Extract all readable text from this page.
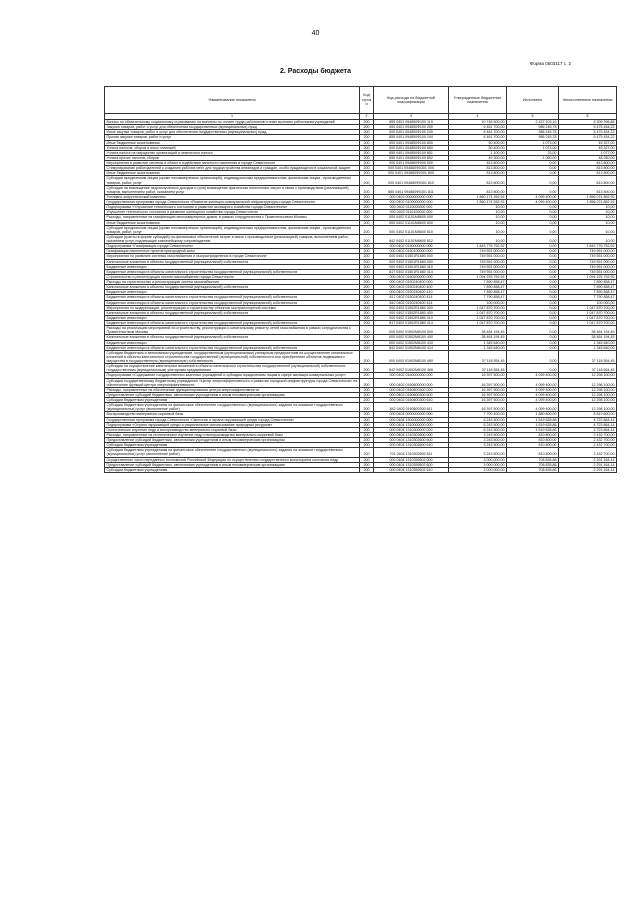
40
Форма 0503117 с. 2
2. Расходы бюджета
Наименование показателя	Код строки	Код расхода по бюджетной классификации	Утвержденные бюджетные назначения	Исполнено	Неисполненные назначения
1	2	3	4	5	6
Взносы по обязательному социальному страхованию на выплаты по оплате труда работников и иные выплаты работникам учреждений	200	855 0401 094850Ф100 119	10 746 500,00	2 437 103,15	8 309 396,85
Закупка товаров, работ и услуг для обеспечения государственных (муниципальных) нужд	200	000 0401 094850Ф100 200	6 461 700,00	986 245,78	5 475 454,22
Иные закупки товаров, работ и услуг для обеспечения государственных (муниципальных) нужд	200	000 0401 094850Ф100 240	6 461 700,00	986 245,78	5 475 454,22
Прочая закупка товаров, работ и услуг	200	855 0401 094850Ф100 244	6 461 700,00	986 245,78	5 475 454,22
Иные бюджетные ассигнования	200	000 0401 094850Ф100 800	50 400,00	1 073,00	49 327,00
Уплата налогов, сборов и иных платежей	200	000 0401 094850Ф100 850	50 400,00	1 073,00	49 327,00
Уплата налога на имущество организаций и земельного налога	200	855 0401 094850Ф100 851	1 100,00	23,00	1 077,00
Уплата прочих налогов, сборов	200	855 0401 094850Ф100 852	49 300,00	1 050,00	48 250,00
Мероприятия в развитие системы в области содействия занятости населения в городе Севастополе	200	000 0401 094860Ф000 000	813 800,00	0,00	813 800,00
Стимулирование работодателей к созданию рабочих мест для трудоустройства инвалидов и граждан, особо нуждающихся в социальной защите	200	000 0401 094860Ф0301 000	813 800,00	0,00	813 800,00
Иные бюджетные ассигнования	200	000 0401 094860Ф0301 800	813 800,00	0,00	813 800,00
Субсидии юридическим лицам (кроме некоммерческих организаций), индивидуальным предпринимателям, физическим лицам - производителям товаров, работ, услуг	200	000 0401 094860Ф0301 810	813 800,00	0,00	813 800,00
Субсидии на возмещение недополученных доходов и (или) возмещение фактически понесенных затрат в связи с производством (реализацией) товаров, выполнением работ, оказанием услуг	200	855 0401 094860Ф0301 811	813 800,00	0,00	813 800,00
Топливно-энергетический комплекс	200	000 0402 0000000000 000	1 860 174 262,92	4 099 400,00	1 856 074 862,92
Государственная программа города Севастополя «Развитие жилищно-коммунальной инфраструктуры города Севастополя»	200	000 0402 0100000000 000	1 860 174 262,92	4 099 400,00	1 856 074 862,92
Подпрограмма «Улучшение технического состояния и развитие жилищного хозяйства города Севастополя»	200	000 0402 0110000000 000	10,00	0,00	10,00
Улучшение технического состояния и развитие жилищного хозяйства города Севастополя	200	000 0402 0110100000 000	10,00	0,00	10,00
Расходы, направленные на газификацию многоквартирных домов, в рамках сотрудничества с Правительством Москвы	200	000 0402 01101М8600 000	10,00	0,00	10,00
Иные бюджетные ассигнования	200	000 0402 01101М8600 800	10,00	0,00	10,00
Субсидии юридическим лицам (кроме некоммерческих организаций), индивидуальным предпринимателям, физическим лицам - производителям товаров, работ, услуг	200	000 0402 01101М8600 810	10,00	0,00	10,00
Субсидии (гранты в форме субсидий) на финансовое обеспечение затрат в связи с производством (реализацией) товаров, выполнением работ, оказанием услуг, подлежащие казначейскому сопровождению	200	842 0402 01101М8600 812	10,00	0,00	10,00
Подпрограмма «Газификация города Севастополя»	200	000 0402 0150000000 000	1 843 776 752,92	0,00	1 843 776 752,92
Газификация населенных пунктов пригородной зоны	200	000 0402 0150100000 000	749 551 000,00	0,00	749 551 000,00
Мероприятия по развитию системы газоснабжения и газораспределения в городе Севастополе	200	000 0402 01501R1680 000	749 551 000,00	0,00	749 551 000,00
Капитальные вложения в объекты государственной (муниципальной) собственности	200	000 0402 01501R1680 400	749 551 000,00	0,00	749 551 000,00
Бюджетные инвестиции	200	000 0402 01501R1680 410	749 551 000,00	0,00	749 551 000,00
Бюджетные инвестиции в объекты капитального строительства государственной (муниципальной) собственности	200	817 0402 01501R1680 414	749 551 000,00	0,00	749 551 000,00
Строительство и реконструкция систем газоснабжения города Севастополя	200	000 0402 0150200000 000	1 094 225 752,92	0,00	1 094 225 752,92
Расходы на строительство и реконструкцию систем газоснабжения	200	000 0402 0150240400 000	7 890 858,47	0,00	7 890 858,47
Капитальные вложения в объекты государственной (муниципальной) собственности	200	000 0402 0150240400 400	7 890 858,47	0,00	7 890 858,47
Бюджетные инвестиции	200	000 0402 0150240400 410	7 890 858,47	0,00	7 890 858,47
Бюджетные инвестиции в объекты капитального строительства государственной (муниципальной) собственности	200	817 0402 0150240400 414	7 790 858,47	0,00	7 790 858,47
Бюджетные инвестиции в объекты капитального строительства государственной (муниципальной) собственности	200	842 0402 0150240400 414	100 000,00	0,00	100 000,00
Мероприятия по модернизации, реконструкции и строительству объектов газотранспортной системы	200	000 0402 01502R1880 000	1 047 870 700,00	0,00	1 047 870 700,00
Капитальные вложения в объекты государственной (муниципальной) собственности	200	000 0402 01502R1880 400	1 047 870 700,00	0,00	1 047 870 700,00
Бюджетные инвестиции	200	000 0402 01502R1880 410	1 047 870 700,00	0,00	1 047 870 700,00
Бюджетные инвестиции в объекты капитального строительства государственной (муниципальной) собственности	200	817 0402 01502R1880 414	1 047 870 700,00	0,00	1 047 870 700,00
Расходы на реализацию мероприятий по строительству, реконструкции и капитальному ремонту сетей газоснабжения в рамках сотрудничества с Правительством Москвы	200	000 0402 01502М8100 000	38 464 194,45	0,00	38 464 194,45
Капитальные вложения в объекты государственной (муниципальной) собственности	200	000 0402 01502М8100 400	38 464 194,45	0,00	38 464 194,45
Бюджетные инвестиции	200	000 0402 01502М8100 410	1 345 640,00	0,00	1 345 640,00
Бюджетные инвестиции в объекты капитального строительства государственной (муниципальной) собственности	200	842 0402 01502М8100 414	1 345 640,00	0,00	1 345 640,00
Субсидии бюджетным и автономным учреждениям, государственным (муниципальным) унитарным предприятиям на осуществление капитальных вложений в объекты капитального строительства государственной (муниципальной) собственности или приобретение объектов недвижимого имущества в государственную (муниципальную) собственность	200	000 0402 01502М8100 460	37 118 554,45	0,00	37 118 554,45
Субсидии на осуществление капитальных вложений в объекты капитального строительства государственной (муниципальной) собственности государственным (муниципальным) унитарным предприятиям	200	842 0402 01502М8100 466	37 118 554,45	0,00	37 118 554,45
Подпрограмма «Содержание государственных казенных учреждений и субсидии юридическим лицам в сфере жилищно-коммунальных услуг»	200	000 0402 0160000000 000	16 397 500,00	4 099 400,00	12 298 100,00
Субсидия государственному бюджетному учреждению «Центр энергоэффективности и развития городской инфраструктуры города Севастополя» на обеспечение функций центра энергоэффективности	200	000 0402 0160600000 000	16 397 500,00	4 099 400,00	12 298 100,00
Расходы, направленные на обеспечение функционирования центра энергоэффективности	200	000 0402 0160600300 000	16 397 500,00	4 099 400,00	12 298 100,00
Предоставление субсидий бюджетным, автономным учреждениям и иным некоммерческим организациям	200	000 0402 0160600300 600	16 397 500,00	4 099 400,00	12 298 100,00
Субсидии бюджетным учреждениям	200	000 0402 0160600300 610	16 397 500,00	4 099 400,00	12 298 100,00
Субсидии бюджетным учреждениям на финансовое обеспечение государственного (муниципального) задания на оказание государственных (муниципальных) услуг (выполнение работ)	200	842 0402 0160600300 611	16 397 500,00	4 099 400,00	12 298 100,00
Воспроизводство минерально-сырьевой базы	200	000 0404 0000000000 000	7 700 400,00	1 880 800,00	5 819 600,00
Государственная программа города Севастополя «Экология и охрана окружающей среды города Севастополя»	200	000 0404 1300000000 000	6 243 500,00	1 519 635,86	4 723 864,14
Подпрограмма «Охрана окружающей среды и рациональное использование природных ресурсов»	200	000 0404 1310000000 000	6 243 500,00	1 519 635,86	4 723 864,14
Геологическое изучение недр и воспроизводство минерально-сырьевой базы	200	000 0404 1310300000 000	6 243 500,00	1 519 635,86	4 723 864,14
Расходы, направленные на геологическое изучение недр и воспроизводство минерально-сырьевой базы	200	000 0404 1310302600 000	3 243 500,00	810 800,00	2 432 700,00
Предоставление субсидий бюджетным, автономным учреждениям и иным некоммерческим организациям	200	000 0404 1310302600 600	3 243 500,00	810 800,00	2 432 700,00
Субсидии бюджетным учреждениям	200	000 0404 1310302600 610	3 243 500,00	810 800,00	2 432 700,00
Субсидии бюджетным учреждениям на финансовое обеспечение государственного (муниципального) задания на оказание государственных (муниципальных) услуг (выполнение работ)	200	701 0404 1310302600 611	3 243 500,00	810 800,00	2 432 700,00
Осуществление части переданных полномочий Российской Федерации по осуществлению государственного мониторинга состояния недр	200	000 0404 1310359502 000	3 000 000,00	708 835,86	2 291 164,14
Предоставление субсидий бюджетным, автономным учреждениям и иным некоммерческим организациям	200	000 0404 1310359502 600	3 000 000,00	708 835,86	2 291 164,14
Субсидии бюджетным учреждениям	200	000 0404 1310359502 610	3 000 000,00	708 835,86	2 291 164,14
